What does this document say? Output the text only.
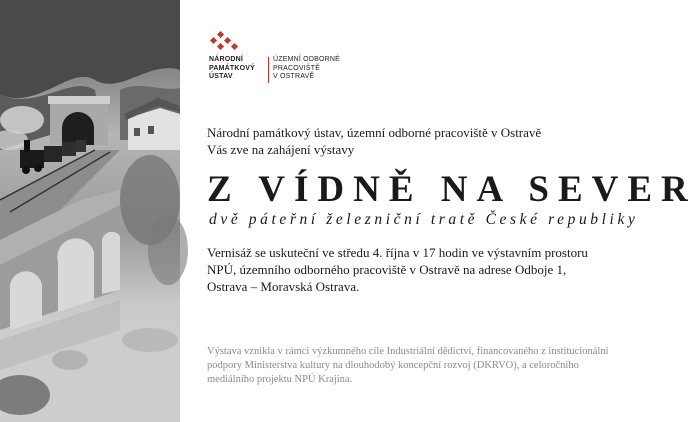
NÁRODNÍ
PAMÁTKOVÝ
ÚSTAV
ÚZEMNÍ ODBORNÉ
PRACOVIŠTĚ
V OSTRAVĚ
Národní památkový ústav, územní odborné pracoviště v Ostravě
Vás zve na zahájení výstavy
Z VÍDNĚ NA SEVER
dvě páteřní železniční tratě České republiky
Vernisáž se uskuteční ve středu 4. října v 17 hodin ve výstavním prostoru
NPÚ, územního odborného pracoviště v Ostravě na adrese Odboje 1,
Ostrava – Moravská Ostrava.
Výstava vznikla v rámci výzkumného cíle Industriální dědictví, financovaného z institucionální
podpory Ministerstva kultury na dlouhodobý koncepční rozvoj (DKRVO), a celoročního
mediálního projektu NPÚ Krajina.
